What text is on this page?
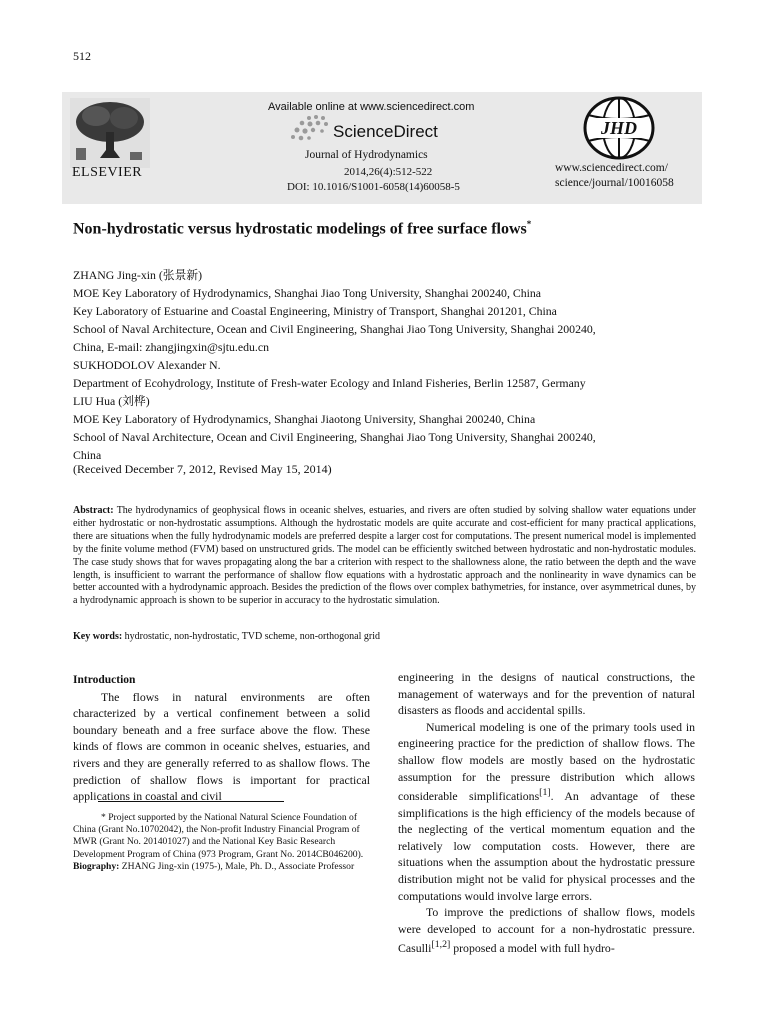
512
ELSEVIER
Available online at www.sciencedirect.com
ScienceDirect
Journal of Hydrodynamics
2014,26(4):512-522
DOI: 10.1016/S1001-6058(14)60058-5
JHD
www.sciencedirect.com/
science/journal/10016058
Non-hydrostatic versus hydrostatic modelings of free surface flows*
ZHANG Jing-xin (张景新)
MOE Key Laboratory of Hydrodynamics, Shanghai Jiao Tong University, Shanghai 200240, China
Key Laboratory of Estuarine and Coastal Engineering, Ministry of Transport, Shanghai 201201, China
School of Naval Architecture, Ocean and Civil Engineering, Shanghai Jiao Tong University, Shanghai 200240,
China, E-mail: zhangjingxin@sjtu.edu.cn
SUKHODOLOV Alexander N.
Department of Ecohydrology, Institute of Fresh-water Ecology and Inland Fisheries, Berlin 12587, Germany
LIU Hua (刘桦)
MOE Key Laboratory of Hydrodynamics, Shanghai Jiaotong University, Shanghai 200240, China
School of Naval Architecture, Ocean and Civil Engineering, Shanghai Jiao Tong University, Shanghai 200240,
China
(Received December 7, 2012, Revised May 15, 2014)
Abstract: The hydrodynamics of geophysical flows in oceanic shelves, estuaries, and rivers are often studied by solving shallow water equations under either hydrostatic or non-hydrostatic assumptions. Although the hydrostatic models are quite accurate and cost-efficient for many practical applications, there are situations when the fully hydrodynamic models are preferred despite a larger cost for computations. The present numerical model is implemented by the finite volume method (FVM) based on unstructured grids. The model can be efficiently switched between hydrostatic and non-hydrostatic modules. The case study shows that for waves propagating along the bar a criterion with respect to the shallowness alone, the ratio between the depth and the wave length, is insufficient to warrant the performance of shallow flow equations with a hydrostatic approach and the nonlinearity in wave dynamics can be better accounted with a hydrodynamic approach. Besides the prediction of the flows over complex bathymetries, for instance, over asymmetrical dunes, by a hydrodynamic approach is shown to be superior in accuracy to the hydrostatic simulation.
Key words: hydrostatic, non-hydrostatic, TVD scheme, non-orthogonal grid

Introduction

The flows in natural environments are often characterized by a vertical confinement between a solid boundary beneath and a free surface above the flow. These kinds of flows are common in oceanic shelves, estuaries, and rivers and they are generally referred to as shallow flows. The prediction of shallow flows is important for practical applications in coastal and civil

* Project supported by the National Natural Science Foundation of China (Grant No.10702042), the Non-profit Industry Financial Program of MWR (Grant No. 201401027) and the National Key Basic Research Development Program of China (973 Program, Grant No. 2014CB046200).
Biography: ZHANG Jing-xin (1975-), Male, Ph. D., Associate Professor

engineering in the designs of nautical constructions, the management of waterways and for the prevention of natural disasters as floods and accidental spills.

Numerical modeling is one of the primary tools used in engineering practice for the prediction of shallow flows. The shallow flow models are mostly based on the hydrostatic assumption for the pressure distribution which allows considerable simplifications[1]. An advantage of these simplifications is the high efficiency of the models because of the neglecting of the vertical momentum equation and the relatively low computation costs. However, there are situations when the assumption about the hydrostatic pressure distribution might not be valid for physical processes and the computations would involve large errors.

To improve the predictions of shallow flows, models were developed to account for a non-hydrostatic pressure. Casulli[1,2] proposed a model with full hydro-
